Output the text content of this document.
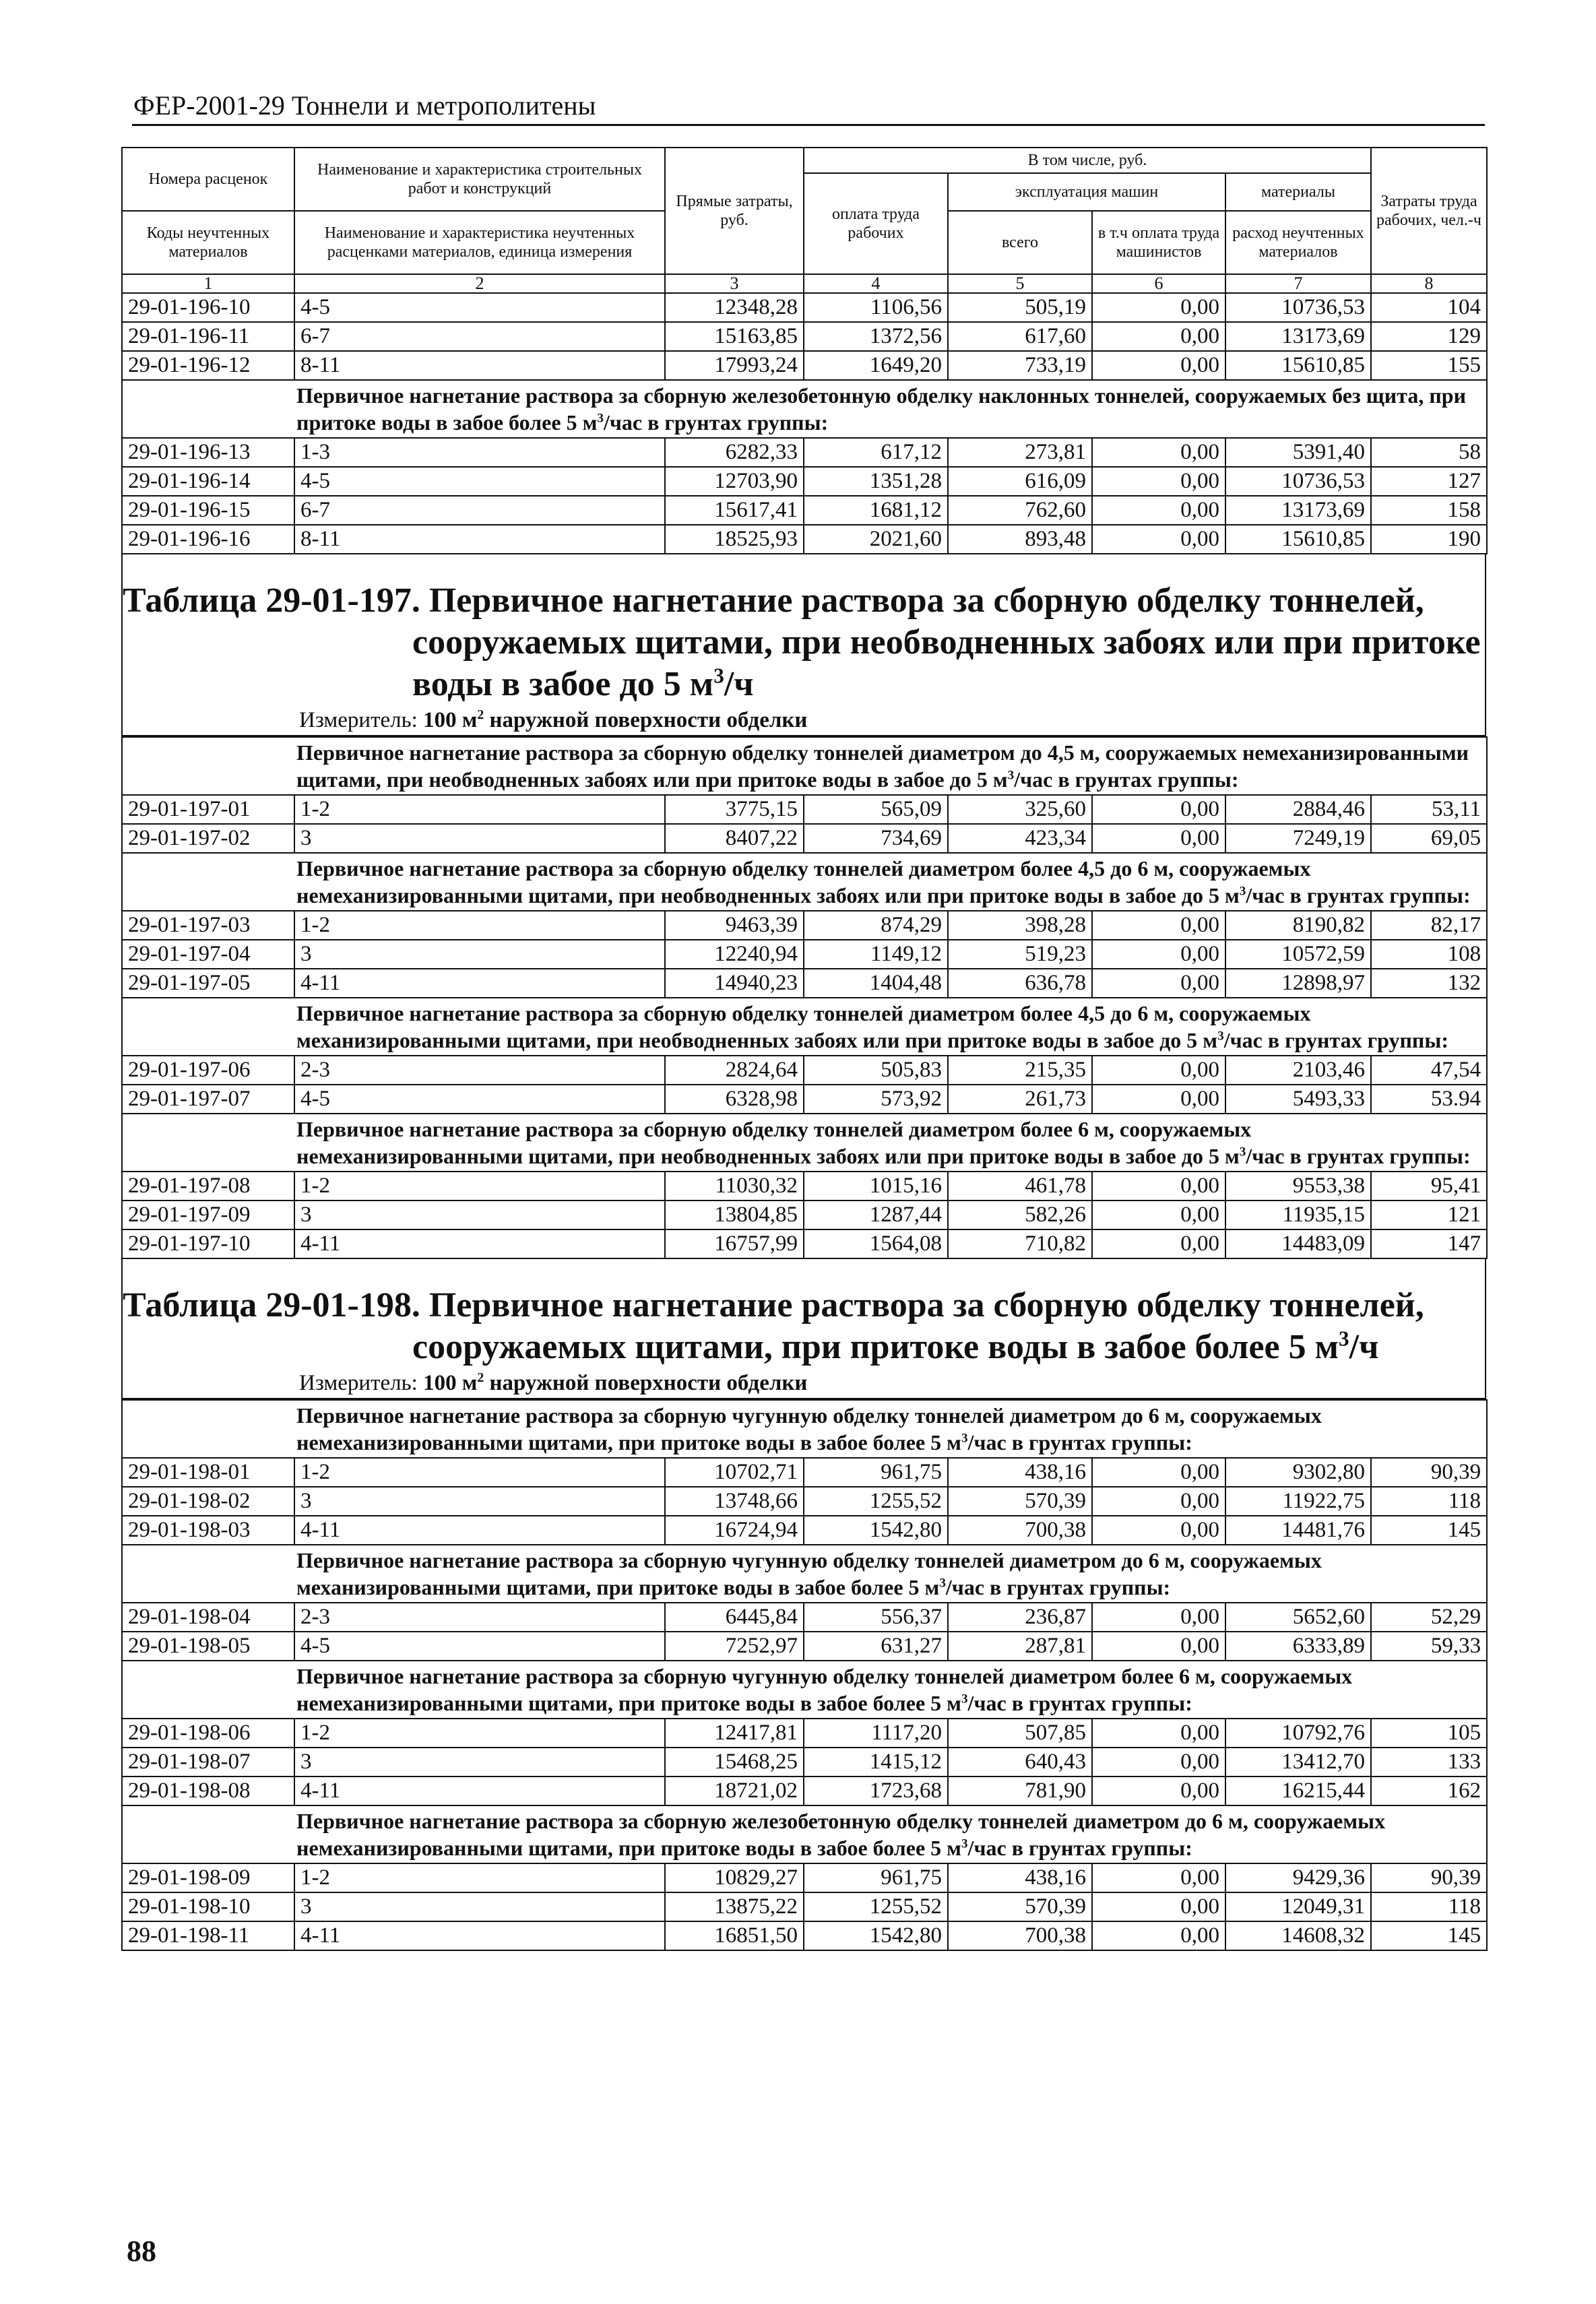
ФЕР-2001-29 Тоннели и метрополитены
Номера расценок	Наименование и характеристика строительных работ и конструкций	Прямые затраты, руб.	В том числе, руб.				Затраты труда рабочих, чел.-ч
			оплата труда рабочих	эксплуатация машин		материалы	
Коды неучтенных материалов	Наименование и характеристика неучтенных расценками материалов, единица измерения			всего	в т.ч оплата труда машинистов	расход неучтенных материалов	

1	2	3	4	5	6	7	8
29-01-196-10	4-5	12348,28	1106,56	505,19	0,00	10736,53	104
29-01-196-11	6-7	15163,85	1372,56	617,60	0,00	13173,69	129
29-01-196-12	8-11	17993,24	1649,20	733,19	0,00	15610,85	155
Первичное нагнетание раствора за сборную железобетонную обделку наклонных тоннелей, сооружаемых без щита, при притоке воды в забое более 5 $м^3$/час в грунтах группы:							
29-01-196-13	1-3	6282,33	617,12	273,81	0,00	5391,40	58
29-01-196-14	4-5	12703,90	1351,28	616,09	0,00	10736,53	127
29-01-196-15	6-7	15617,41	1681,12	762,60	0,00	13173,69	158
29-01-196-16	8-11	18525,93	2021,60	893,48	0,00	15610,85	190
Таблица 29-01-197. Первичное нагнетание раствора за сборную обделку тоннелей,
сооружаемых щитами, при необводненных забоях или при притоке
воды в забое до 5 $м^3/ч$
Измеритель: 100 $м^2$ наружной поверхности обделки
Первичное нагнетание раствора за сборную обделку тоннелей диаметром до 4,5 м, сооружаемых немеханизированными щитами, при необводненных забоях или при притоке воды в забое до 5 $м^3$/час в грунтах группы:							
29-01-197-01	1-2	3775,15	565,09	325,60	0,00	2884,46	53,11
29-01-197-02	3	8407,22	734,69	423,34	0,00	7249,19	69,05
Первичное нагнетание раствора за сборную обделку тоннелей диаметром более 4,5 до 6 м, сооружаемых немеханизированными щитами, при необводненных забоях или при притоке воды в забое до 5 $м^3$/час в грунтах группы:							
29-01-197-03	1-2	9463,39	874,29	398,28	0,00	8190,82	82,17
29-01-197-04	3	12240,94	1149,12	519,23	0,00	10572,59	108
29-01-197-05	4-11	14940,23	1404,48	636,78	0,00	12898,97	132
Первичное нагнетание раствора за сборную обделку тоннелей диаметром более 4,5 до 6 м, сооружаемых механизированными щитами, при необводненных забоях или при притоке воды в забое до 5 $м^3$/час в грунтах группы:							
29-01-197-06	2-3	2824,64	505,83	215,35	0,00	2103,46	47,54
29-01-197-07	4-5	6328,98	573,92	261,73	0,00	5493,33	53.94
Первичное нагнетание раствора за сборную обделку тоннелей диаметром более 6 м, сооружаемых немеханизированными щитами, при необводненных забоях или при притоке воды в забое до 5 $м^3$/час в грунтах группы:							
29-01-197-08	1-2	11030,32	1015,16	461,78	0,00	9553,38	95,41
29-01-197-09	3	13804,85	1287,44	582,26	0,00	11935,15	121
29-01-197-10	4-11	16757,99	1564,08	710,82	0,00	14483,09	147
Таблица 29-01-198. Первичное нагнетание раствора за сборную обделку тоннелей,
сооружаемых щитами, при притоке воды в забое более 5 $м^3/ч$
Измеритель: 100 $м^2$ наружной поверхности обделки
Первичное нагнетание раствора за сборную чугунную обделку тоннелей диаметром до 6 м, сооружаемых немеханизированными щитами, при притоке воды в забое более 5 $м^3$/час в грунтах группы:							
29-01-198-01	1-2	10702,71	961,75	438,16	0,00	9302,80	90,39
29-01-198-02	3	13748,66	1255,52	570,39	0,00	11922,75	118
29-01-198-03	4-11	16724,94	1542,80	700,38	0,00	14481,76	145
Первичное нагнетание раствора за сборную чугунную обделку тоннелей диаметром до 6 м, сооружаемых механизированными щитами, при притоке воды в забое более 5 $м^3$/час в грунтах группы:							
29-01-198-04	2-3	6445,84	556,37	236,87	0,00	5652,60	52,29
29-01-198-05	4-5	7252,97	631,27	287,81	0,00	6333,89	59,33
Первичное нагнетание раствора за сборную чугунную обделку тоннелей диаметром более 6 м, сооружаемых немеханизированными щитами, при притоке воды в забое более 5 $м^3$/час в грунтах группы:							
29-01-198-06	1-2	12417,81	1117,20	507,85	0,00	10792,76	105
29-01-198-07	3	15468,25	1415,12	640,43	0,00	13412,70	133
29-01-198-08	4-11	18721,02	1723,68	781,90	0,00	16215,44	162
Первичное нагнетание раствора за сборную железобетонную обделку тоннелей диаметром до 6 м, сооружаемых немеханизированными щитами, при притоке воды в забое более 5 $м^3$/час в грунтах группы:							
29-01-198-09	1-2	10829,27	961,75	438,16	0,00	9429,36	90,39
29-01-198-10	3	13875,22	1255,52	570,39	0,00	12049,31	118
29-01-198-11	4-11	16851,50	1542,80	700,38	0,00	14608,32	145
88
